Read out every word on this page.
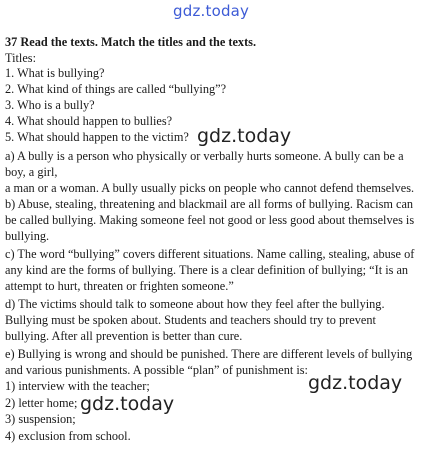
gdz.today
37 Read the texts. Match the titles and the texts.
Titles:
1. What is bullying?
2. What kind of things are called “bullying”?
3. Who is a bully?
4. What should happen to bullies?
5. What should happen to the victim? gdz.today
a) A bully is a person who physically or verbally hurts someone. A bully can be a
boy, a girl,
a man or a woman. A bully usually picks on people who cannot defend themselves.
b) Abuse, stealing, threatening and blackmail are all forms of bullying. Racism can
be called bullying. Making someone feel not good or less good about themselves is
bullying.
c) The word “bullying” covers different situations. Name calling, stealing, abuse of
any kind are the forms of bullying. There is a clear definition of bullying; “It is an
attempt to hurt, threaten or frighten someone.”
d) The victims should talk to someone about how they feel after the bullying.
Bullying must be spoken about. Students and teachers should try to prevent
bullying. After all prevention is better than cure.
e) Bullying is wrong and should be punished. There are different levels of bullying
and various punishments. A possible “plan” of punishment is:
1) interview with the teacher;
2) letter home;
3) suspension;
4) exclusion from school.
gdz.today
gdz.today
